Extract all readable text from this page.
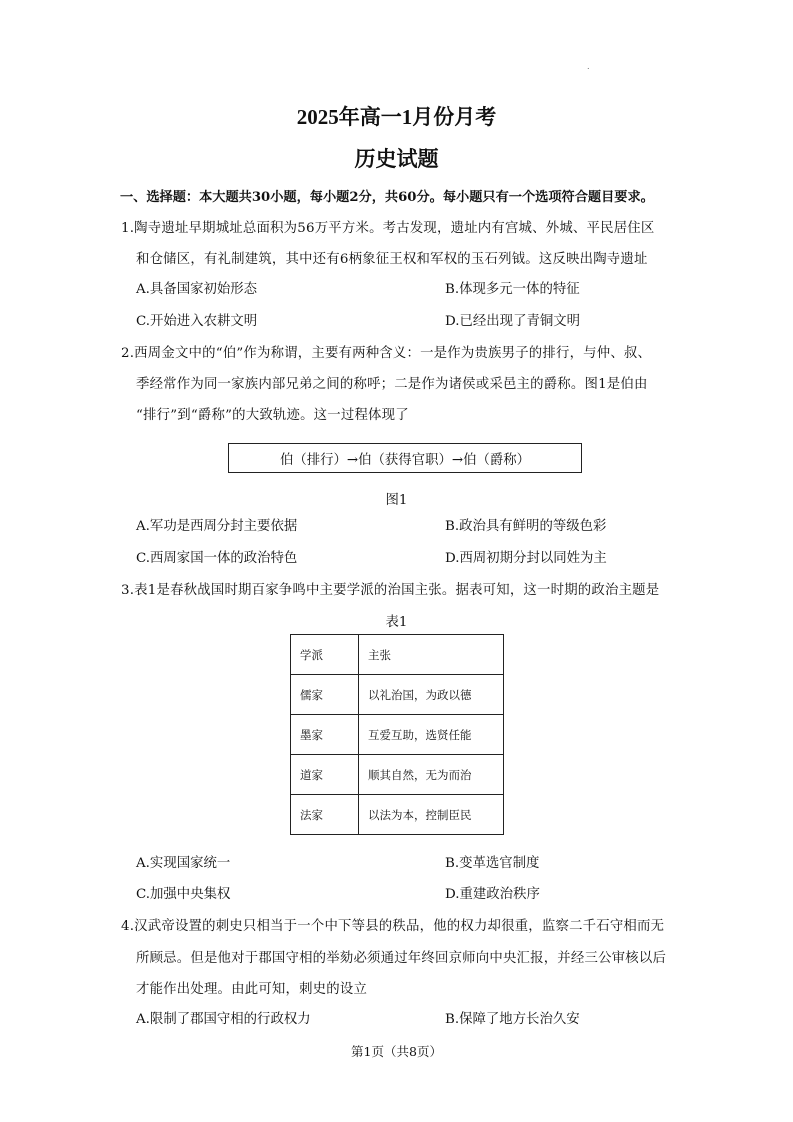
.
2025年高一1月份月考
历史试题
一、选择题：本大题共30小题，每小题2分，共60分。每小题只有一个选项符合题目要求。
1.陶寺遗址早期城址总面积为56万平方米。考古发现，遗址内有宫城、外城、平民居住区
和仓储区，有礼制建筑，其中还有6柄象征王权和军权的玉石列钺。这反映出陶寺遗址
A.具备国家初始形态	B.体现多元一体的特征
C.开始进入农耕文明	D.已经出现了青铜文明
2.西周金文中的“伯”作为称谓，主要有两种含义：一是作为贵族男子的排行，与仲、叔、
季经常作为同一家族内部兄弟之间的称呼；二是作为诸侯或采邑主的爵称。图1是伯由
“排行”到“爵称”的大致轨迹。这一过程体现了
伯（排行）→伯（获得官职）→伯（爵称）
图1
A.军功是西周分封主要依据	B.政治具有鲜明的等级色彩
C.西周家国一体的政治特色	D.西周初期分封以同姓为主
3.表1是春秋战国时期百家争鸣中主要学派的治国主张。据表可知，这一时期的政治主题是
表1
学派	主张
儒家	以礼治国，为政以德
墨家	互爱互助，选贤任能
道家	顺其自然，无为而治
法家	以法为本，控制臣民
A.实现国家统一	B.变革选官制度
C.加强中央集权	D.重建政治秩序
4.汉武帝设置的刺史只相当于一个中下等县的秩品，他的权力却很重，监察二千石守相而无
所顾忌。但是他对于郡国守相的举劾必须通过年终回京师向中央汇报，并经三公审核以后
才能作出处理。由此可知，刺史的设立
A.限制了郡国守相的行政权力	B.保障了地方长治久安
第1页（共8页）
